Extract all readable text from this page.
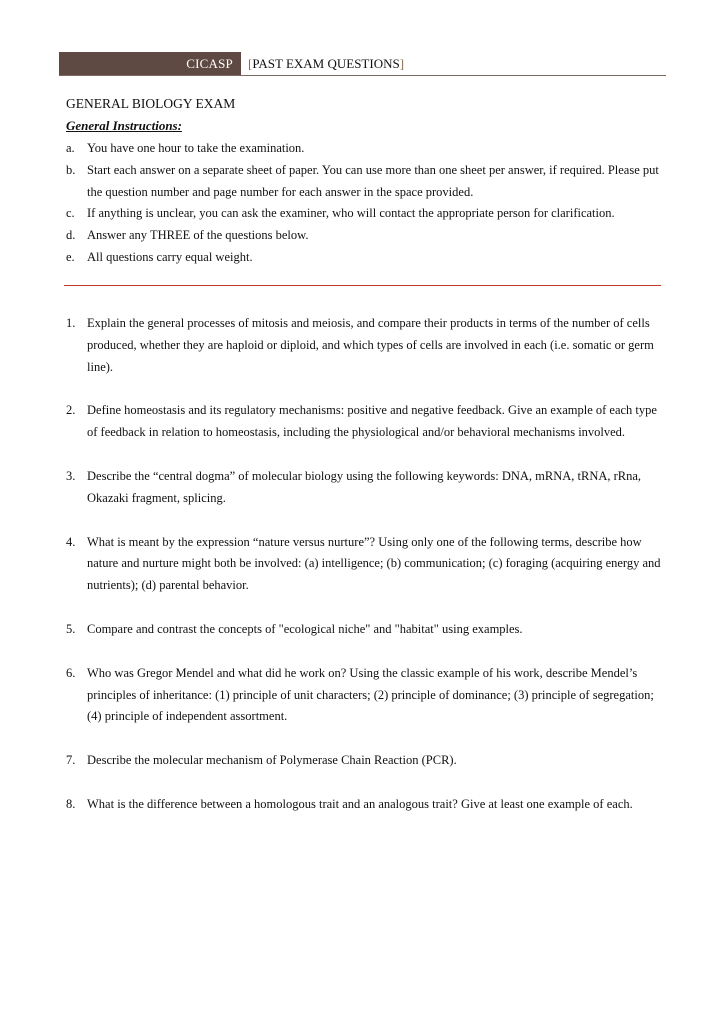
CICASP	[PAST EXAM QUESTIONS]
GENERAL BIOLOGY EXAM
General Instructions:
a. You have one hour to take the examination.
b. Start each answer on a separate sheet of paper. You can use more than one sheet per answer, if required. Please put the question number and page number for each answer in the space provided.
c. If anything is unclear, you can ask the examiner, who will contact the appropriate person for clarification.
d. Answer any THREE of the questions below.
e. All questions carry equal weight.
1. Explain the general processes of mitosis and meiosis, and compare their products in terms of the number of cells produced, whether they are haploid or diploid, and which types of cells are involved in each (i.e. somatic or germ line).
2. Define homeostasis and its regulatory mechanisms: positive and negative feedback. Give an example of each type of feedback in relation to homeostasis, including the physiological and/or behavioral mechanisms involved.
3. Describe the “central dogma” of molecular biology using the following keywords: DNA, mRNA, tRNA, rRna, Okazaki fragment, splicing.
4. What is meant by the expression “nature versus nurture”? Using only one of the following terms, describe how nature and nurture might both be involved: (a) intelligence; (b) communication; (c) foraging (acquiring energy and nutrients); (d) parental behavior.
5. Compare and contrast the concepts of "ecological niche" and "habitat" using examples.
6. Who was Gregor Mendel and what did he work on? Using the classic example of his work, describe Mendel’s principles of inheritance: (1) principle of unit characters; (2) principle of dominance; (3) principle of segregation; (4) principle of independent assortment.
7. Describe the molecular mechanism of Polymerase Chain Reaction (PCR).
8. What is the difference between a homologous trait and an analogous trait? Give at least one example of each.
